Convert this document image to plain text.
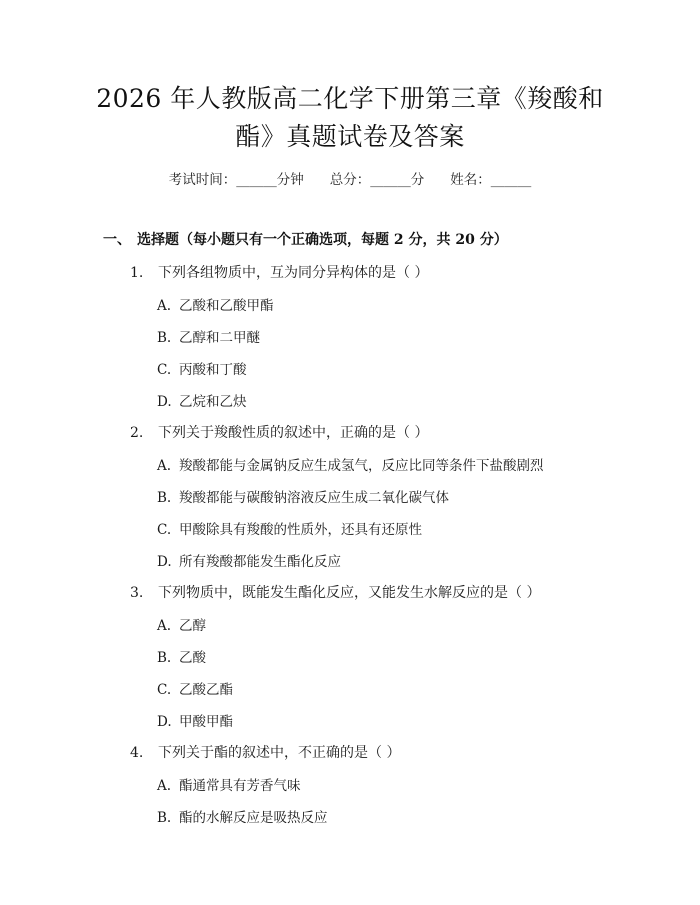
2026 年人教版高二化学下册第三章《羧酸和
酯》真题试卷及答案
考试时间：______分钟 总分：______分 姓名：______
一、 选择题（每小题只有一个正确选项，每题 2 分，共 20 分）
1. 下列各组物质中，互为同分异构体的是（ ）
A. 乙酸和乙酸甲酯
B. 乙醇和二甲醚
C. 丙酸和丁酸
D. 乙烷和乙炔
2. 下列关于羧酸性质的叙述中，正确的是（ ）
A. 羧酸都能与金属钠反应生成氢气，反应比同等条件下盐酸剧烈
B. 羧酸都能与碳酸钠溶液反应生成二氧化碳气体
C. 甲酸除具有羧酸的性质外，还具有还原性
D. 所有羧酸都能发生酯化反应
3. 下列物质中，既能发生酯化反应，又能发生水解反应的是（ ）
A. 乙醇
B. 乙酸
C. 乙酸乙酯
D. 甲酸甲酯
4. 下列关于酯的叙述中，不正确的是（ ）
A. 酯通常具有芳香气味
B. 酯的水解反应是吸热反应
